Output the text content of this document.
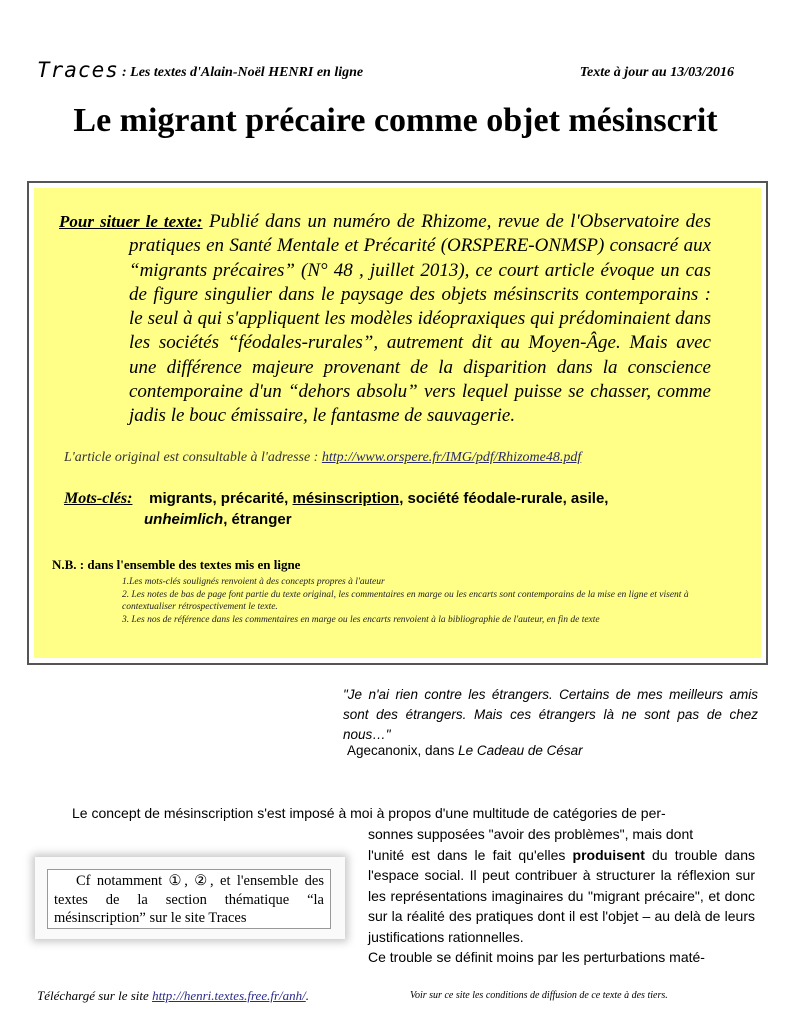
Traces : Les textes d'Alain-Noël HENRI en ligne	Texte à jour au 13/03/2016
Le migrant précaire comme objet mésinscrit
Pour situer le texte: Publié dans un numéro de Rhizome, revue de l'Observatoire des pratiques en Santé Mentale et Précarité (ORSPERE-ONMSP) consacré aux “migrants précaires” (N° 48 , juillet 2013), ce court article évoque un cas de figure singulier dans le paysage des objets mésinscrits contemporains : le seul à qui s'appliquent les modèles idéopraxiques qui prédominaient dans les sociétés “féodales-rurales”, autrement dit au Moyen-Âge. Mais avec une différence majeure provenant de la disparition dans la conscience contemporaine d'un “dehors absolu” vers lequel puisse se chasser, comme jadis le bouc émissaire, le fantasme de sauvagerie.
L'article original est consultable à l'adresse : http://www.orspere.fr/IMG/pdf/Rhizome48.pdf
Mots-clés: migrants, précarité, mésinscription, société féodale-rurale, asile,
unheimlich, étranger
N.B. : dans l'ensemble des textes mis en ligne
1.Les mots-clés soulignés renvoient à des concepts propres à l'auteur
2. Les notes de bas de page font partie du texte original, les commentaires en marge ou les encarts sont contemporains de la mise en ligne et visent à contextualiser rétrospectivement le texte.
3. Les nos de référence dans les commentaires en marge ou les encarts renvoient à la bibliographie de l'auteur, en fin de texte
"Je n'ai rien contre les étrangers. Certains de mes meilleurs amis sont des étrangers. Mais ces étrangers là ne sont pas de chez nous…"
Agecanonix, dans Le Cadeau de César
Le concept de mésinscription s'est imposé à moi à propos d'une multitude de catégories de per-

sonnes supposées "avoir des problèmes", mais dont

l'unité est dans le fait qu'elles produisent du trouble dans l'espace social. Il peut contribuer à structurer la réflexion sur les représentations imaginaires du "migrant précaire", et donc sur la réalité des pratiques dont il est l'objet – au delà de leurs justifications rationnelles.

Ce trouble se définit moins par les perturbations maté-

Cf notamment ①, ②, et l'ensemble des textes de la section thématique “la mésinscription” sur le site Traces
Téléchargé sur le site http://henri.textes.free.fr/anh/.	Voir sur ce site les conditions de diffusion de ce texte à des tiers.
